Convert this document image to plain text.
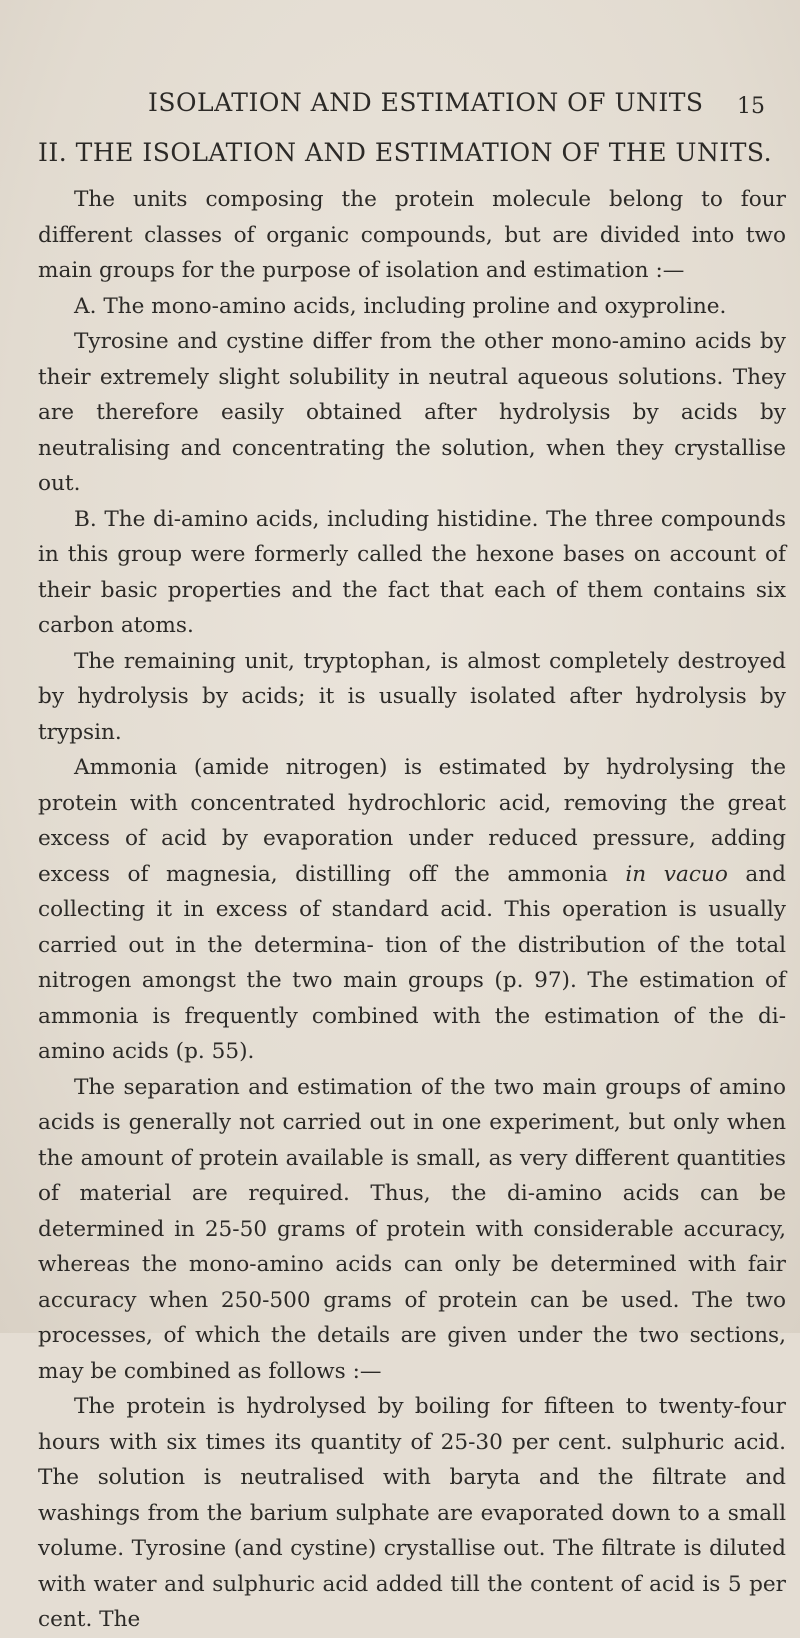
ISOLATION AND ESTIMATION OF UNITS 15
II. THE ISOLATION AND ESTIMATION OF THE UNITS.

The units composing the protein molecule belong to four different classes of organic compounds, but are divided into two main groups for the purpose of isolation and estimation :—

A. The mono-amino acids, including proline and oxyproline.

Tyrosine and cystine differ from the other mono-amino acids by their extremely slight solubility in neutral aqueous solutions. They are therefore easily obtained after hydrolysis by acids by neutralising and concentrating the solution, when they crystallise out.

B. The di-amino acids, including histidine. The three compounds in this group were formerly called the hexone bases on account of their basic properties and the fact that each of them contains six carbon atoms.

The remaining unit, tryptophan, is almost completely destroyed by hydrolysis by acids; it is usually isolated after hydrolysis by trypsin.

Ammonia (amide nitrogen) is estimated by hydrolysing the protein with concentrated hydrochloric acid, removing the great excess of acid by evaporation under reduced pressure, adding excess of magnesia, distilling off the ammonia in vacuo and collecting it in excess of standard acid. This operation is usually carried out in the determina- tion of the distribution of the total nitrogen amongst the two main groups (p. 97). The estimation of ammonia is frequently combined with the estimation of the di-amino acids (p. 55).

The separation and estimation of the two main groups of amino acids is generally not carried out in one experiment, but only when the amount of protein available is small, as very different quantities of material are required. Thus, the di-amino acids can be determined in 25-50 grams of protein with considerable accuracy, whereas the mono-amino acids can only be determined with fair accuracy when 250-500 grams of protein can be used. The two processes, of which the details are given under the two sections, may be combined as follows :—

The protein is hydrolysed by boiling for fifteen to twenty-four hours with six times its quantity of 25-30 per cent. sulphuric acid. The solution is neutralised with baryta and the filtrate and washings from the barium sulphate are evaporated down to a small volume. Tyrosine (and cystine) crystallise out. The filtrate is diluted with water and sulphuric acid added till the content of acid is 5 per cent. The
